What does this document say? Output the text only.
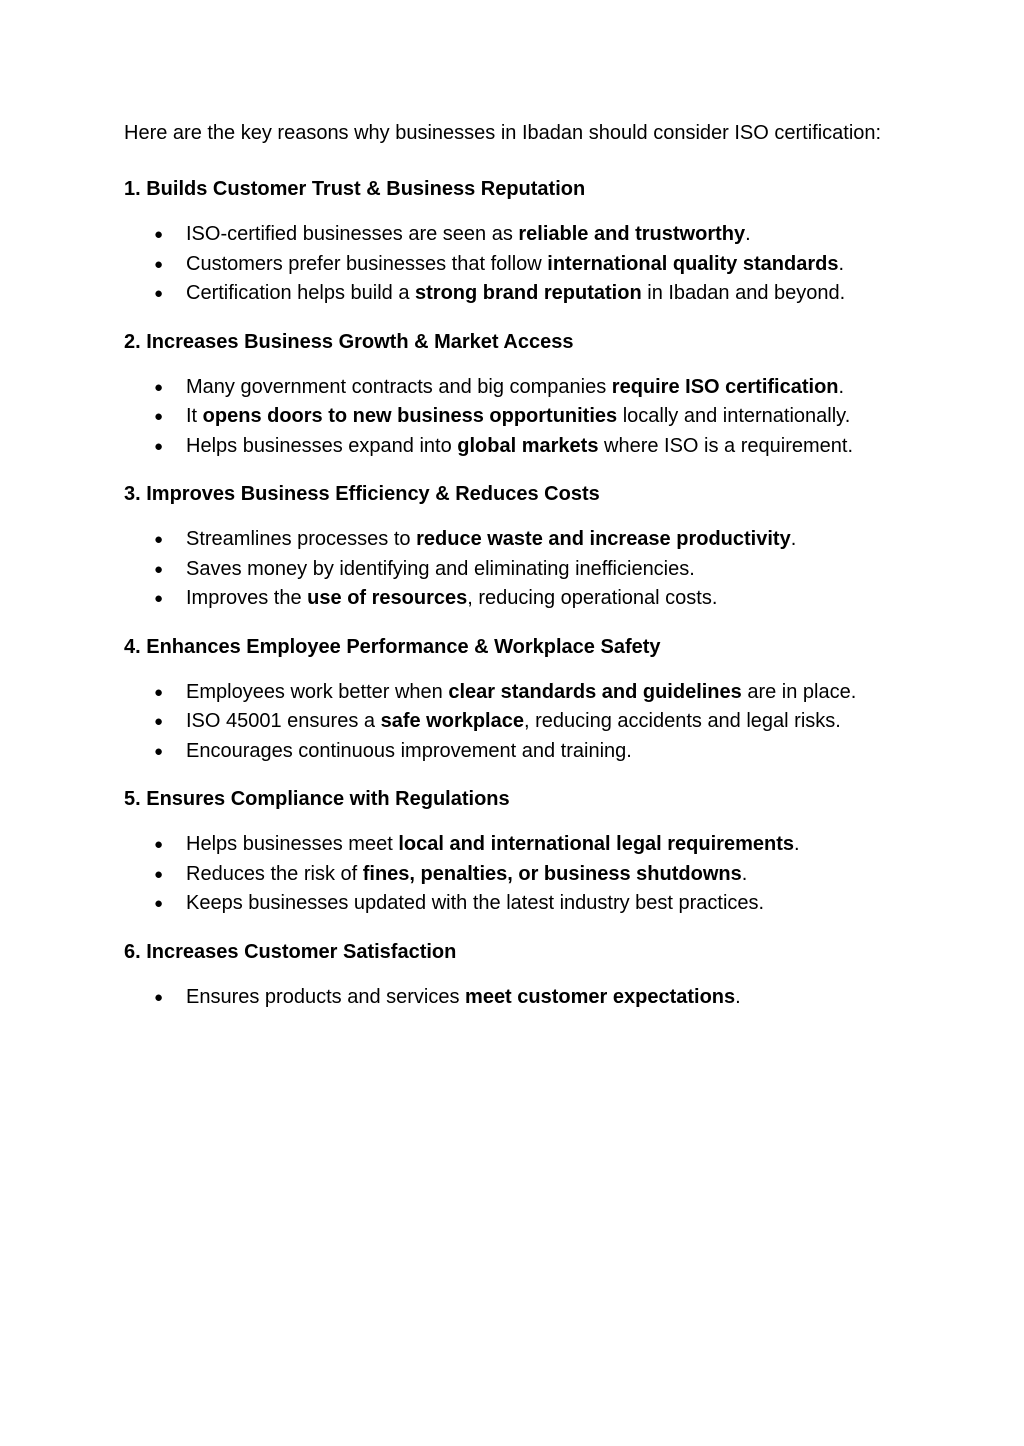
Here are the key reasons why businesses in Ibadan should consider ISO certification:

1. Builds Customer Trust & Business Reputation
● ISO-certified businesses are seen as reliable and trustworthy.
● Customers prefer businesses that follow international quality standards.
● Certification helps build a strong brand reputation in Ibadan and beyond.
2. Increases Business Growth & Market Access
● Many government contracts and big companies require ISO certification.
● It opens doors to new business opportunities locally and internationally.
● Helps businesses expand into global markets where ISO is a requirement.
3. Improves Business Efficiency & Reduces Costs
● Streamlines processes to reduce waste and increase productivity.
● Saves money by identifying and eliminating inefficiencies.
● Improves the use of resources, reducing operational costs.
4. Enhances Employee Performance & Workplace Safety
● Employees work better when clear standards and guidelines are in place.
● ISO 45001 ensures a safe workplace, reducing accidents and legal risks.
● Encourages continuous improvement and training.
5. Ensures Compliance with Regulations
● Helps businesses meet local and international legal requirements.
● Reduces the risk of fines, penalties, or business shutdowns.
● Keeps businesses updated with the latest industry best practices.
6. Increases Customer Satisfaction
● Ensures products and services meet customer expectations.
